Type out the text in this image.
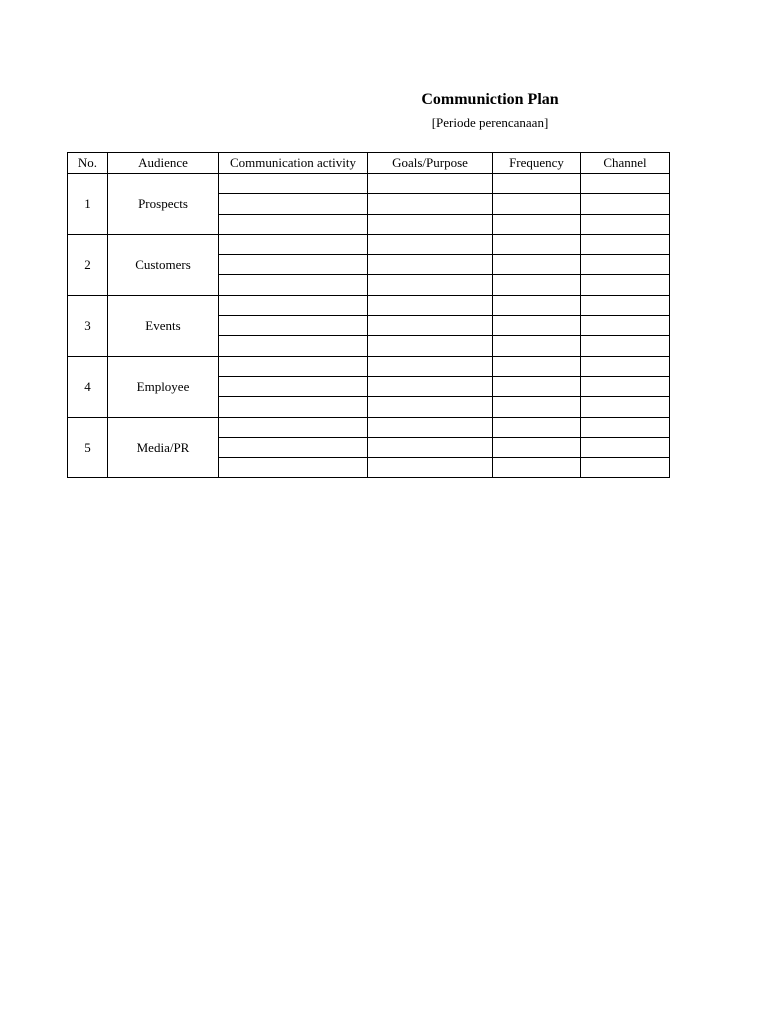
Communiction Plan
[Periode perencanaan]
No.	Audience	Communication activity	Goals/Purpose	Frequency	Channel
1	Prospects				

2	Customers				

3	Events				

4	Employee				

5	Media/PR				
